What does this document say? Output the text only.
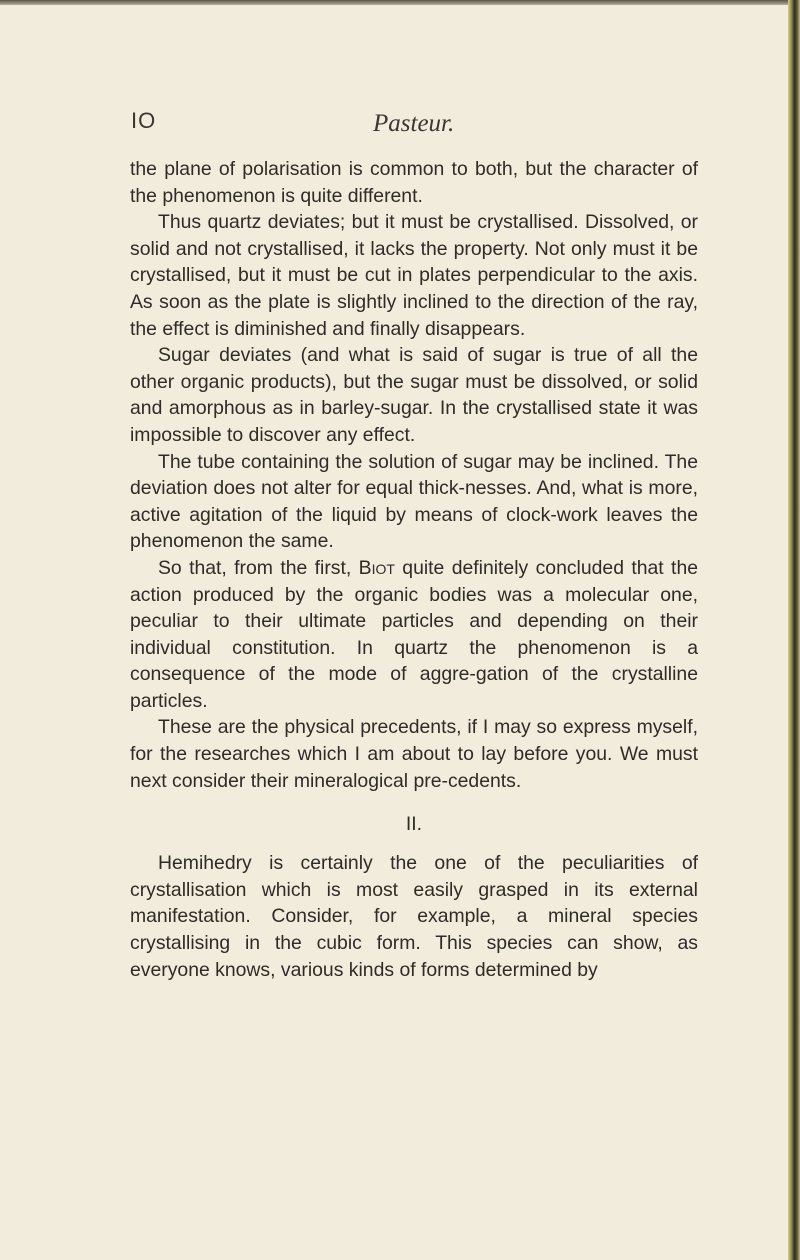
IO	Pasteur.

the plane of polarisation is common to both, but the character of the phenomenon is quite different.

Thus quartz deviates; but it must be crystallised. Dissolved, or solid and not crystallised, it lacks the property. Not only must it be crystallised, but it must be cut in plates perpendicular to the axis. As soon as the plate is slightly inclined to the direction of the ray, the effect is diminished and finally disappears.

Sugar deviates (and what is said of sugar is true of all the other organic products), but the sugar must be dissolved, or solid and amorphous as in barley-sugar. In the crystallised state it was impossible to discover any effect.

The tube containing the solution of sugar may be inclined. The deviation does not alter for equal thick-nesses. And, what is more, active agitation of the liquid by means of clock-work leaves the phenomenon the same.

So that, from the first, Biot quite definitely concluded that the action produced by the organic bodies was a molecular one, peculiar to their ultimate particles and depending on their individual constitution. In quartz the phenomenon is a consequence of the mode of aggre-gation of the crystalline particles.

These are the physical precedents, if I may so express myself, for the researches which I am about to lay before you. We must next consider their mineralogical pre-cedents.

II.

Hemihedry is certainly the one of the peculiarities of crystallisation which is most easily grasped in its external manifestation. Consider, for example, a mineral species crystallising in the cubic form. This species can show, as everyone knows, various kinds of forms determined by
